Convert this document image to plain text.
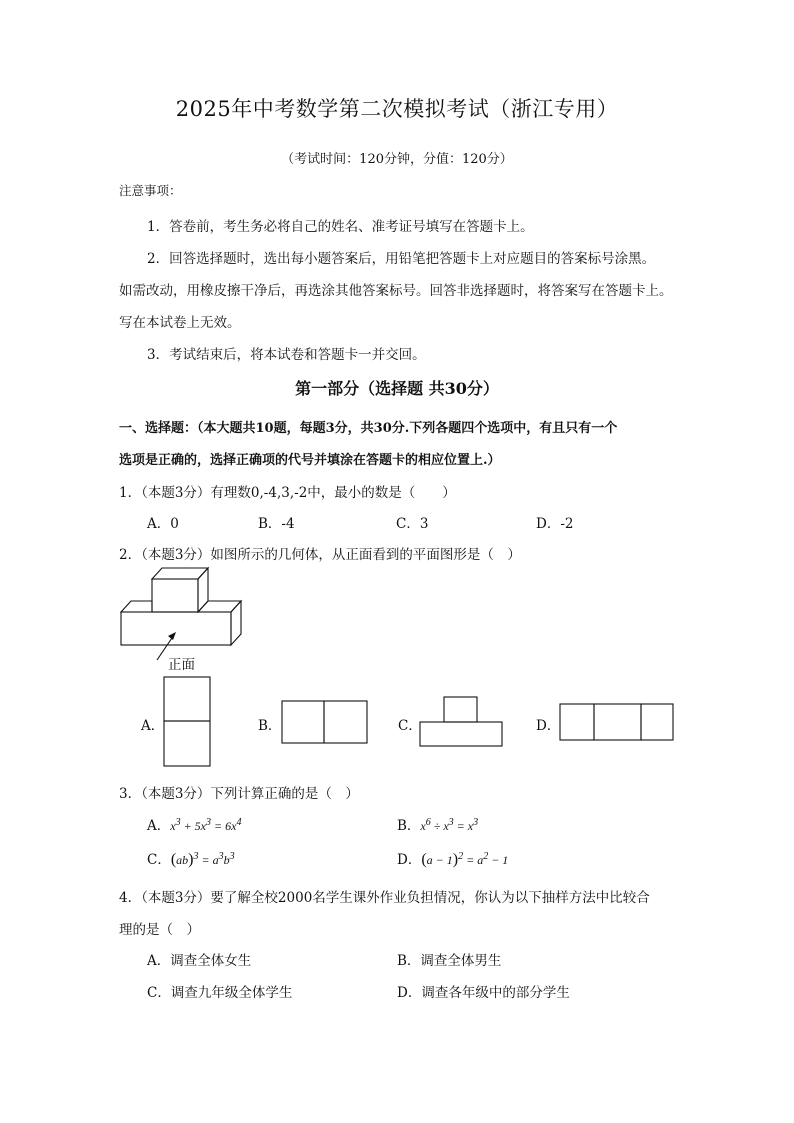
2025年中考数学第二次模拟考试（浙江专用）
（考试时间：120分钟，分值：120分）
注意事项：
1．答卷前，考生务必将自己的姓名、准考证号填写在答题卡上。
2．回答选择题时，选出每小题答案后，用铅笔把答题卡上对应题目的答案标号涂黑。
如需改动，用橡皮擦干净后，再选涂其他答案标号。回答非选择题时，将答案写在答题卡上。
写在本试卷上无效。
3．考试结束后，将本试卷和答题卡一并交回。
第一部分（选择题 共30分）
一、选择题：（本大题共10题，每题3分，共30分.下列各题四个选项中，有且只有一个
选项是正确的，选择正确项的代号并填涂在答题卡的相应位置上.）
1．（本题3分）有理数0,-4,3,-2中，最小的数是（　　）
A．0	B．-4	C．3	D．-2
2．（本题3分）如图所示的几何体，从正面看到的平面图形是（　）
正面
A．	B．	C．	D．
3．（本题3分）下列计算正确的是（　）
A．$x^3 + 5x^3 = 6x^4$	B．$x^6 \div x^3 = x^3$
C．$(ab)^3 = a^3b^3$	D．$(a - 1)^2 = a^2 - 1$
4．（本题3分）要了解全校2000名学生课外作业负担情况，你认为以下抽样方法中比较合
理的是（　）
A．调查全体女生	B．调查全体男生
C．调查九年级全体学生	D．调查各年级中的部分学生
